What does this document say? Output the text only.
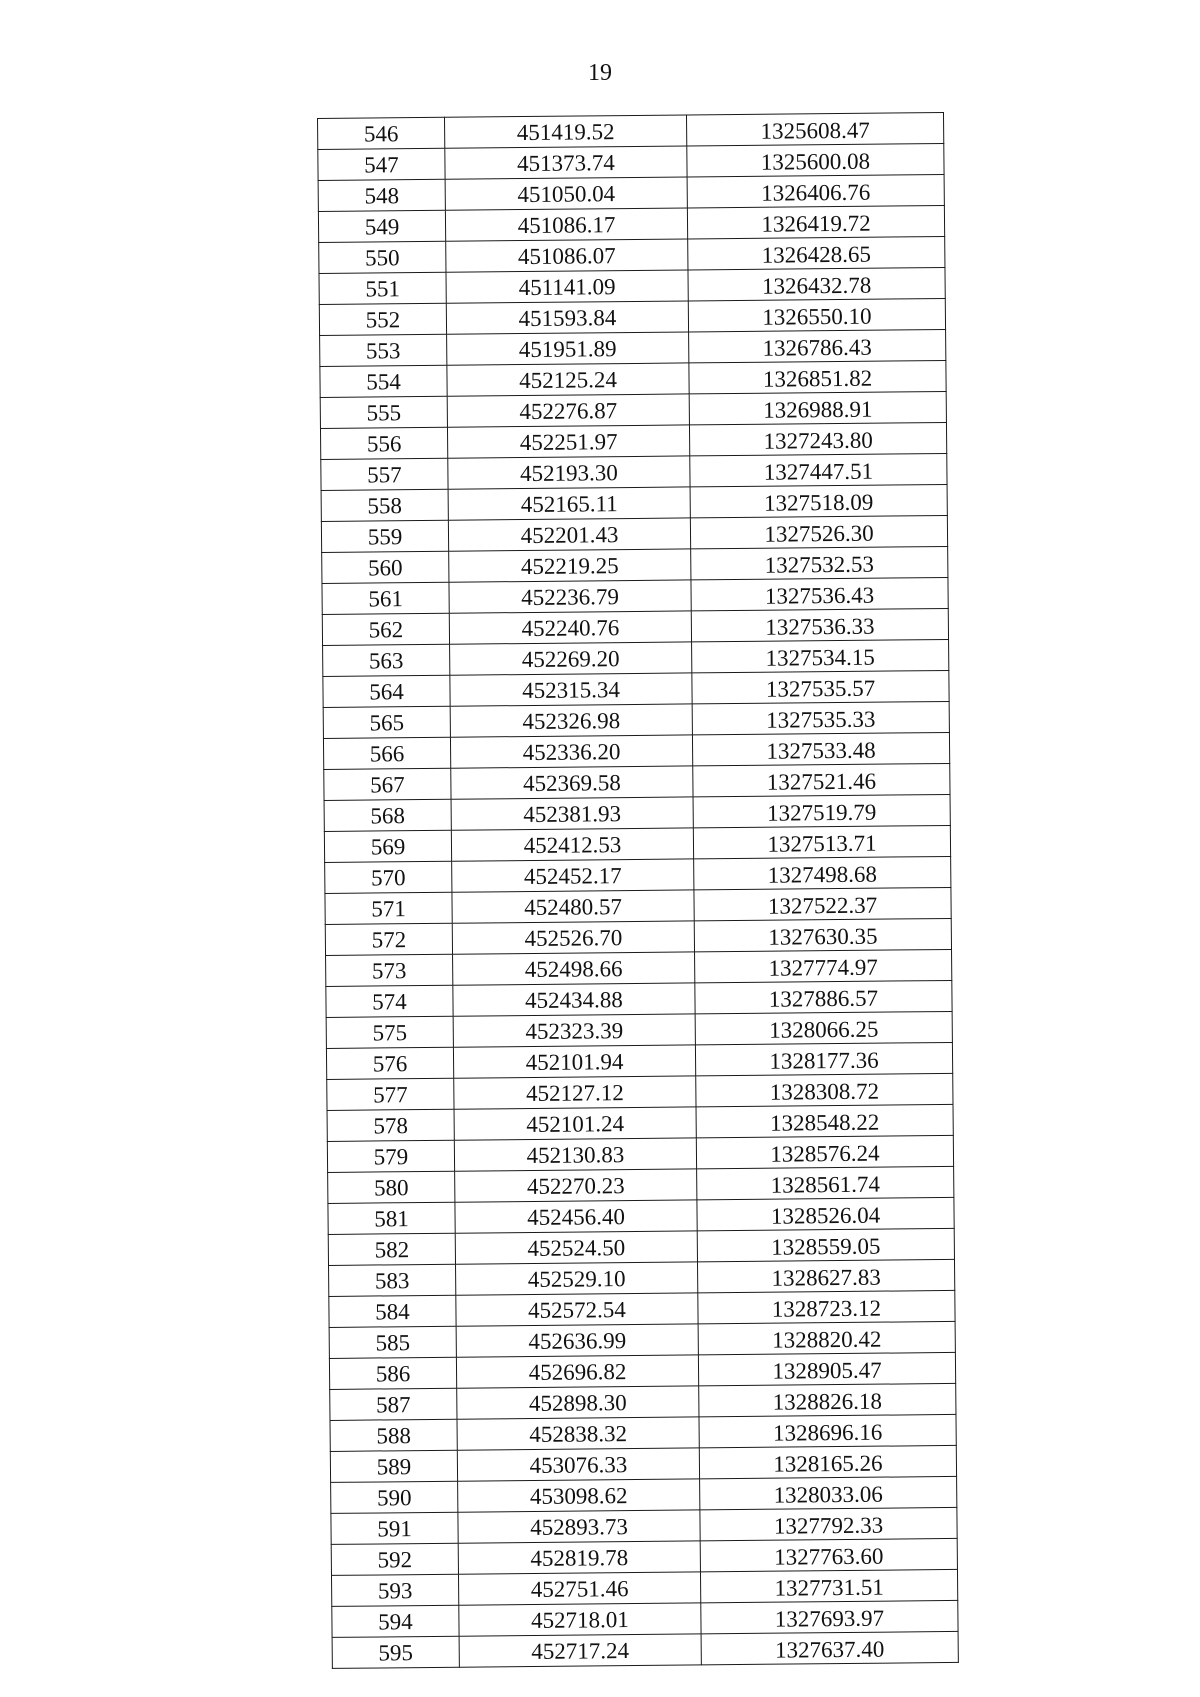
19
546	451419.52	1325608.47
547	451373.74	1325600.08
548	451050.04	1326406.76
549	451086.17	1326419.72
550	451086.07	1326428.65
551	451141.09	1326432.78
552	451593.84	1326550.10
553	451951.89	1326786.43
554	452125.24	1326851.82
555	452276.87	1326988.91
556	452251.97	1327243.80
557	452193.30	1327447.51
558	452165.11	1327518.09
559	452201.43	1327526.30
560	452219.25	1327532.53
561	452236.79	1327536.43
562	452240.76	1327536.33
563	452269.20	1327534.15
564	452315.34	1327535.57
565	452326.98	1327535.33
566	452336.20	1327533.48
567	452369.58	1327521.46
568	452381.93	1327519.79
569	452412.53	1327513.71
570	452452.17	1327498.68
571	452480.57	1327522.37
572	452526.70	1327630.35
573	452498.66	1327774.97
574	452434.88	1327886.57
575	452323.39	1328066.25
576	452101.94	1328177.36
577	452127.12	1328308.72
578	452101.24	1328548.22
579	452130.83	1328576.24
580	452270.23	1328561.74
581	452456.40	1328526.04
582	452524.50	1328559.05
583	452529.10	1328627.83
584	452572.54	1328723.12
585	452636.99	1328820.42
586	452696.82	1328905.47
587	452898.30	1328826.18
588	452838.32	1328696.16
589	453076.33	1328165.26
590	453098.62	1328033.06
591	452893.73	1327792.33
592	452819.78	1327763.60
593	452751.46	1327731.51
594	452718.01	1327693.97
595	452717.24	1327637.40
